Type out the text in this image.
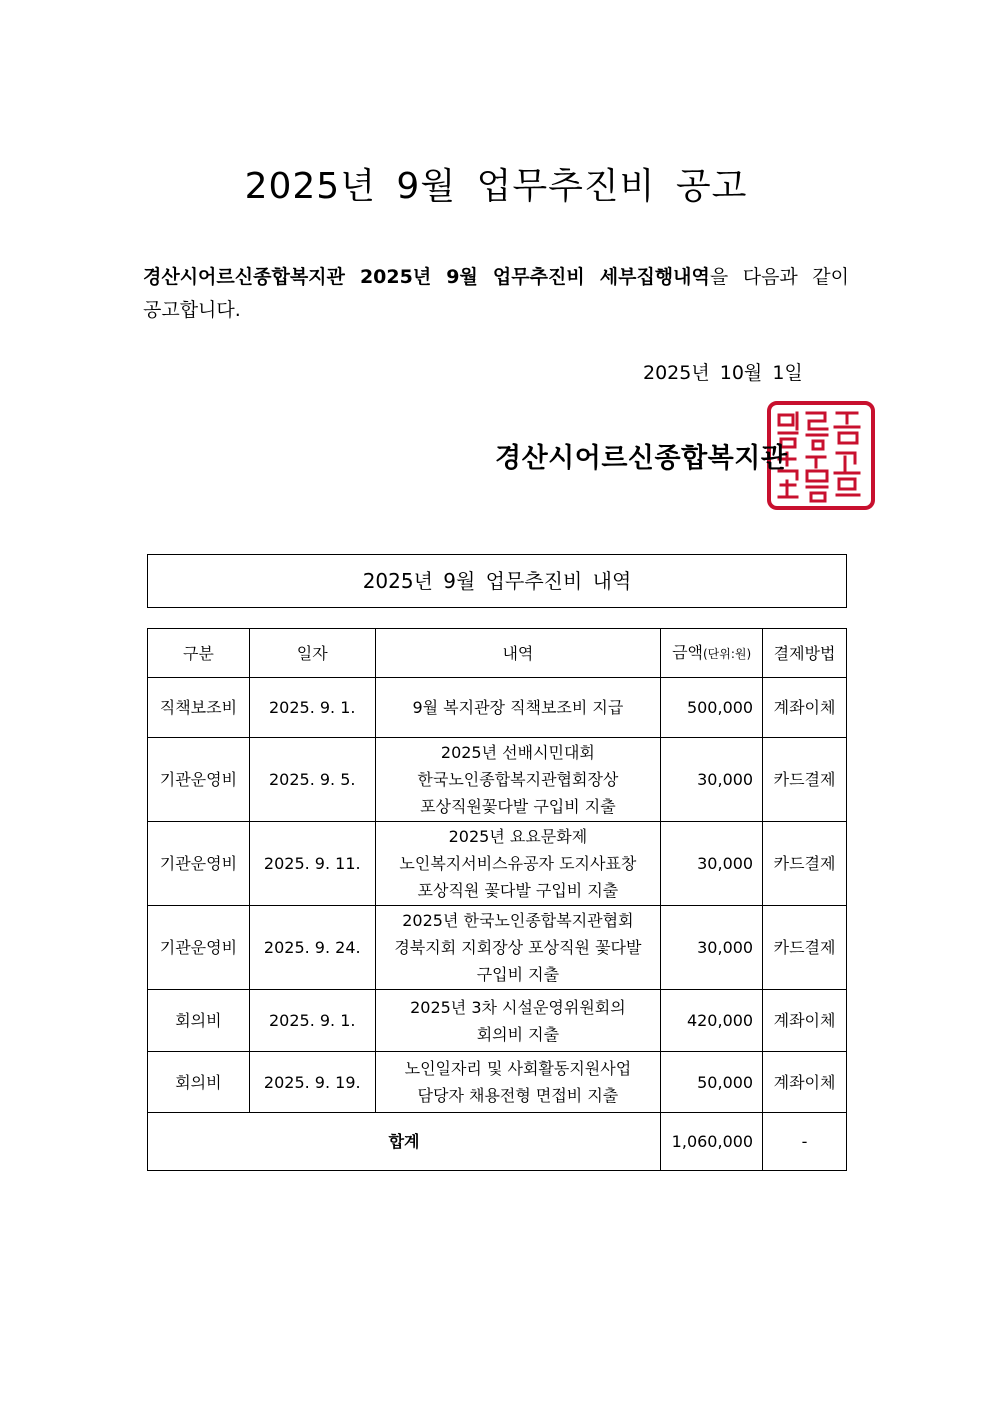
2025년 9월 업무추진비 공고
경산시어르신종합복지관 2025년 9월 업무추진비 세부집행내역을 다음과 같이
공고합니다.
2025년 10월 1일
경산시어르신종합복지관
2025년 9월 업무추진비 내역
구분	일자	내역	금액(단위:원)	결제방법
직책보조비	2025. 9. 1.	9월 복지관장 직책보조비 지급	500,000	계좌이체
기관운영비	2025. 9. 5.	2025년 선배시민대회
한국노인종합복지관협회장상
포상직원꽃다발 구입비 지출	30,000	카드결제
기관운영비	2025. 9. 11.	2025년 요요문화제
노인복지서비스유공자 도지사표창
포상직원 꽃다발 구입비 지출	30,000	카드결제
기관운영비	2025. 9. 24.	2025년 한국노인종합복지관협회
경북지회 지회장상 포상직원 꽃다발
구입비 지출	30,000	카드결제
회의비	2025. 9. 1.	2025년 3차 시설운영위원회의
회의비 지출	420,000	계좌이체
회의비	2025. 9. 19.	노인일자리 및 사회활동지원사업
담당자 채용전형 면접비 지출	50,000	계좌이체
합계			1,060,000	-
